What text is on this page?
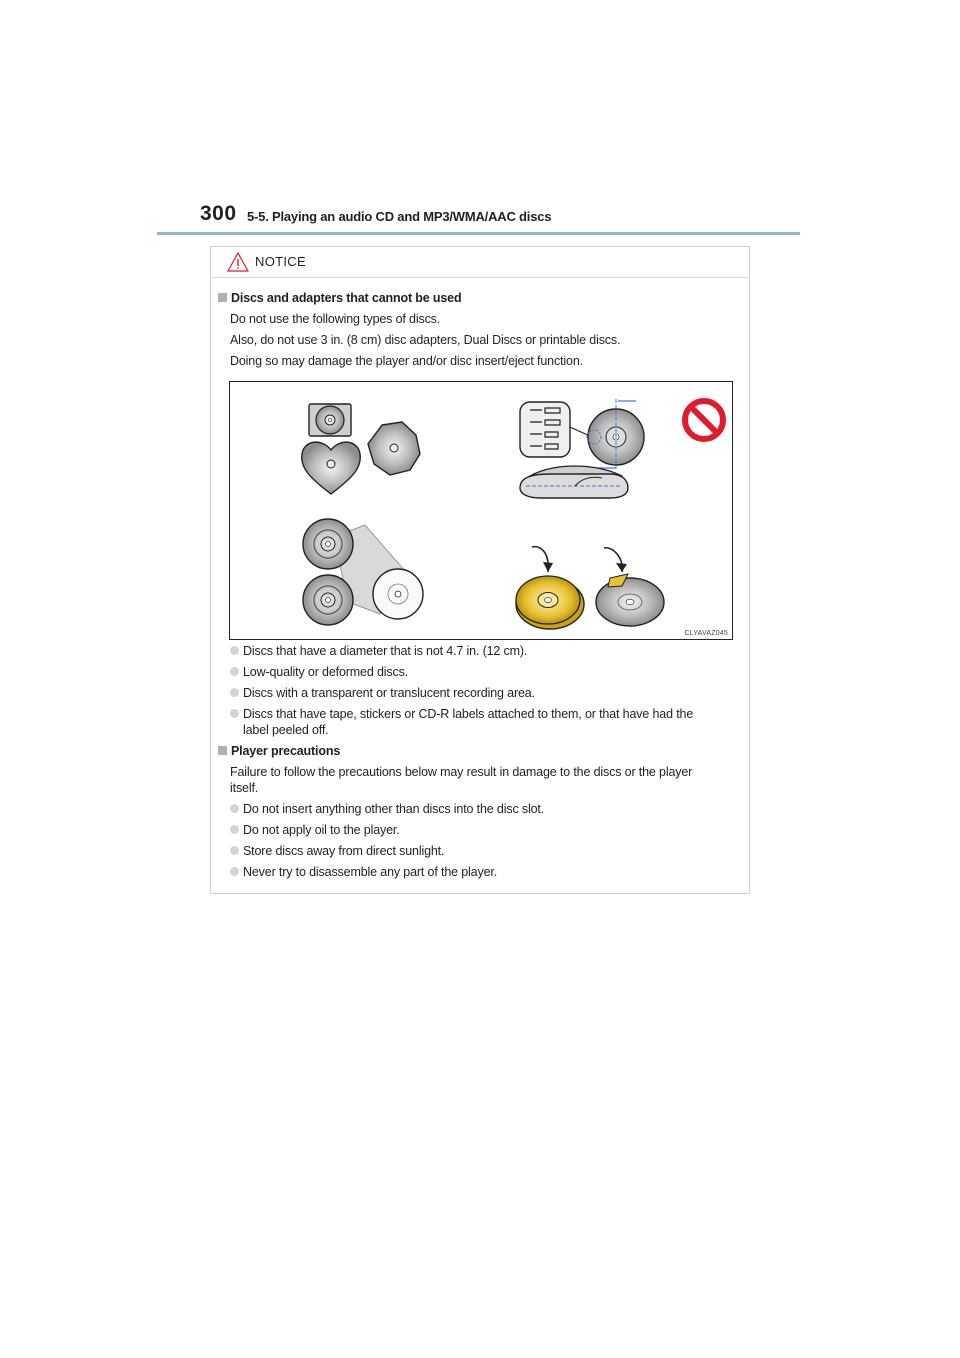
300 5-5. Playing an audio CD and MP3/WMA/AAC discs
NOTICE
Discs and adapters that cannot be used
Do not use the following types of discs.
Also, do not use 3 in. (8 cm) disc adapters, Dual Discs or printable discs.
Doing so may damage the player and/or disc insert/eject function.
CLYAVAZ045
Discs that have a diameter that is not 4.7 in. (12 cm).
Low-quality or deformed discs.
Discs with a transparent or translucent recording area.
Discs that have tape, stickers or CD-R labels attached to them, or that have had the
label peeled off.
Player precautions
Failure to follow the precautions below may result in damage to the discs or the player
itself.
Do not insert anything other than discs into the disc slot.
Do not apply oil to the player.
Store discs away from direct sunlight.
Never try to disassemble any part of the player.
